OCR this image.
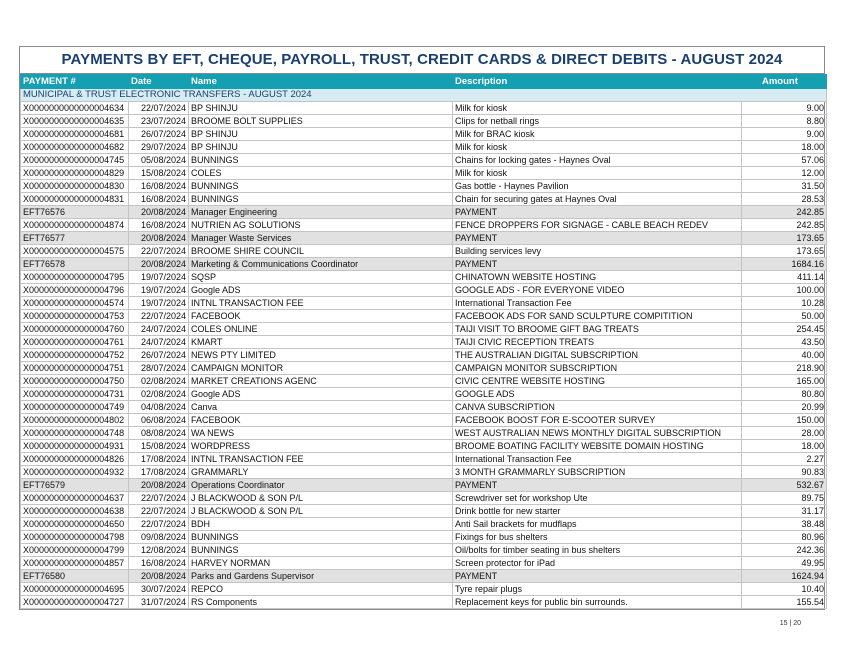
PAYMENTS BY EFT, CHEQUE, PAYROLL, TRUST, CREDIT CARDS & DIRECT DEBITS - AUGUST 2024
PAYMENT #	Date	Name	Description	Amount
MUNICIPAL & TRUST ELECTRONIC TRANSFERS - AUGUST 2024				
X0000000000000004634	22/07/2024	BP SHINJU	Milk for kiosk	9.00
X0000000000000004635	23/07/2024	BROOME BOLT SUPPLIES	Clips for netball rings	8.80
X0000000000000004681	26/07/2024	BP SHINJU	Milk for BRAC kiosk	9.00
X0000000000000004682	29/07/2024	BP SHINJU	Milk for kiosk	18.00
X0000000000000004745	05/08/2024	BUNNINGS	Chains for locking gates - Haynes Oval	57.06
X0000000000000004829	15/08/2024	COLES	Milk for kiosk	12.00
X0000000000000004830	16/08/2024	BUNNINGS	Gas bottle - Haynes Pavilion	31.50
X0000000000000004831	16/08/2024	BUNNINGS	Chain for securing gates at Haynes Oval	28.53
EFT76576	20/08/2024	Manager Engineering	PAYMENT	242.85
X0000000000000004874	16/08/2024	NUTRIEN AG SOLUTIONS	FENCE DROPPERS FOR SIGNAGE - CABLE BEACH REDEV	242.85
EFT76577	20/08/2024	Manager Waste Services	PAYMENT	173.65
X0000000000000004575	22/07/2024	BROOME SHIRE COUNCIL	Building services levy	173.65
EFT76578	20/08/2024	Marketing & Communications Coordinator	PAYMENT	1684.16
X0000000000000004795	19/07/2024	SQSP	CHINATOWN WEBSITE HOSTING	411.14
X0000000000000004796	19/07/2024	Google ADS	GOOGLE ADS - FOR EVERYONE VIDEO	100.00
X0000000000000004574	19/07/2024	INTNL TRANSACTION FEE	International Transaction Fee	10.28
X0000000000000004753	22/07/2024	FACEBOOK	FACEBOOK ADS FOR SAND SCULPTURE COMPITITION	50.00
X0000000000000004760	24/07/2024	COLES ONLINE	TAIJI VISIT TO BROOME GIFT BAG TREATS	254.45
X0000000000000004761	24/07/2024	KMART	TAIJI CIVIC RECEPTION TREATS	43.50
X0000000000000004752	26/07/2024	NEWS PTY LIMITED	THE AUSTRALIAN DIGITAL SUBSCRIPTION	40.00
X0000000000000004751	28/07/2024	CAMPAIGN MONITOR	CAMPAIGN MONITOR SUBSCRIPTION	218.90
X0000000000000004750	02/08/2024	MARKET CREATIONS AGENC	CIVIC CENTRE WEBSITE HOSTING	165.00
X0000000000000004731	02/08/2024	Google ADS	GOOGLE ADS	80.80
X0000000000000004749	04/08/2024	Canva	CANVA SUBSCRIPTION	20.99
X0000000000000004802	06/08/2024	FACEBOOK	FACEBOOK BOOST FOR E-SCOOTER SURVEY	150.00
X0000000000000004748	08/08/2024	WA NEWS	WEST AUSTRALIAN NEWS MONTHLY DIGITAL SUBSCRIPTION	28.00
X0000000000000004931	15/08/2024	WORDPRESS	BROOME BOATING FACILITY WEBSITE DOMAIN HOSTING	18.00
X0000000000000004826	17/08/2024	INTNL TRANSACTION FEE	International Transaction Fee	2.27
X0000000000000004932	17/08/2024	GRAMMARLY	3 MONTH GRAMMARLY SUBSCRIPTION	90.83
EFT76579	20/08/2024	Operations Coordinator	PAYMENT	532.67
X0000000000000004637	22/07/2024	J BLACKWOOD & SON P/L	Screwdriver set for workshop Ute	89.75
X0000000000000004638	22/07/2024	J BLACKWOOD & SON P/L	Drink bottle for new starter	31.17
X0000000000000004650	22/07/2024	BDH	Anti Sail brackets for mudflaps	38.48
X0000000000000004798	09/08/2024	BUNNINGS	Fixings for bus shelters	80.96
X0000000000000004799	12/08/2024	BUNNINGS	Oil/bolts for timber seating in bus shelters	242.36
X0000000000000004857	16/08/2024	HARVEY NORMAN	Screen protector for iPad	49.95
EFT76580	20/08/2024	Parks and Gardens Supervisor	PAYMENT	1624.94
X0000000000000004695	30/07/2024	REPCO	Tyre repair plugs	10.40
X0000000000000004727	31/07/2024	RS Components	Replacement keys for public bin surrounds.	155.54
15 | 20
